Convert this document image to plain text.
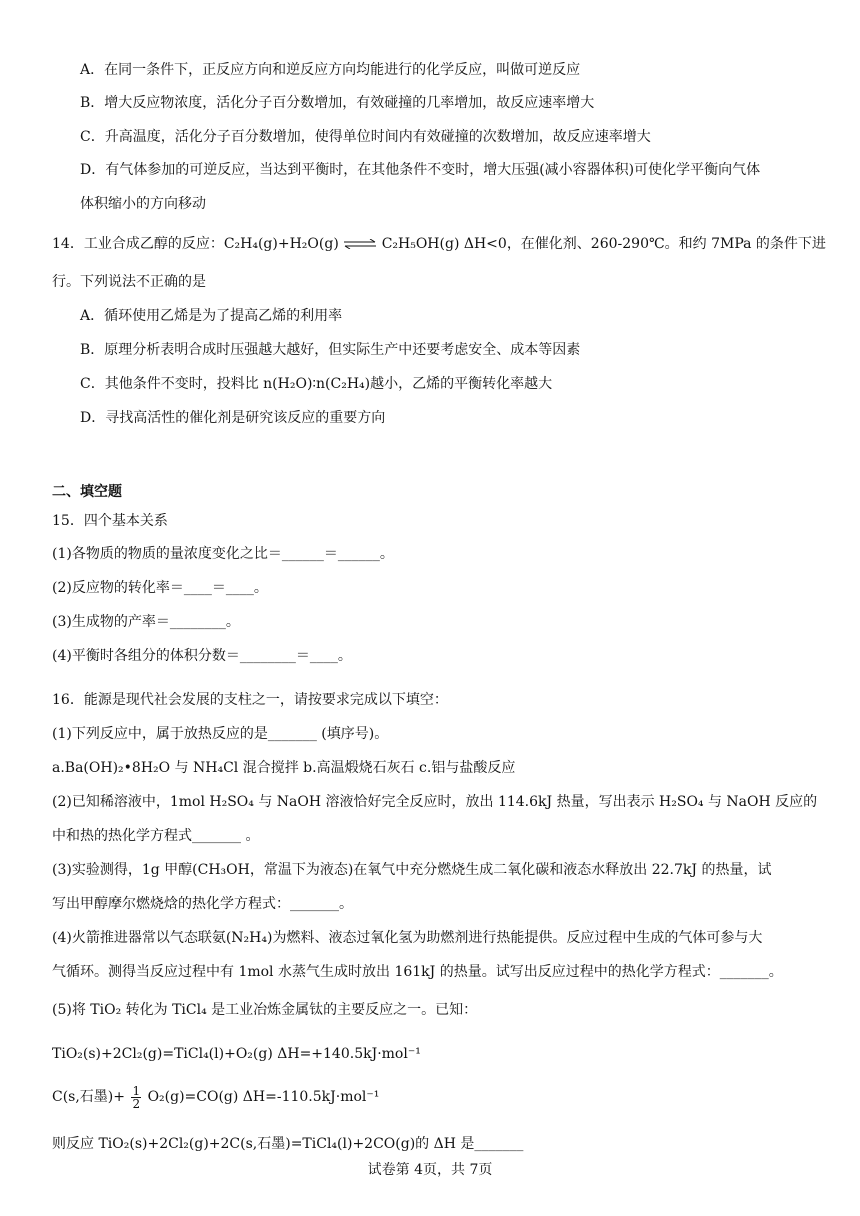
A．在同一条件下，正反应方向和逆反应方向均能进行的化学反应，叫做可逆反应
B．增大反应物浓度，活化分子百分数增加，有效碰撞的几率增加，故反应速率增大
C．升高温度，活化分子百分数增加，使得单位时间内有效碰撞的次数增加，故反应速率增大
D．有气体参加的可逆反应，当达到平衡时，在其他条件不变时，增大压强(减小容器体积)可使化学平衡向气体
体积缩小的方向移动
14．工业合成乙醇的反应：C₂H₄(g)+H₂O(g) ⇌ C₂H₅OH(g) ΔH<0，在催化剂、260-290℃。和约 7MPa 的条件下进
行。下列说法不正确的是
A．循环使用乙烯是为了提高乙烯的利用率
B．原理分析表明合成时压强越大越好，但实际生产中还要考虑安全、成本等因素
C．其他条件不变时，投料比 n(H₂O)∶n(C₂H₄)越小，乙烯的平衡转化率越大
D．寻找高活性的催化剂是研究该反应的重要方向
二、填空题
15．四个基本关系
(1)各物质的物质的量浓度变化之比＝______＝______。
(2)反应物的转化率＝____＝____。
(3)生成物的产率＝________。
(4)平衡时各组分的体积分数＝________＝____。
16．能源是现代社会发展的支柱之一，请按要求完成以下填空：
(1)下列反应中，属于放热反应的是_______ (填序号)。
a.Ba(OH)₂•8H₂O 与 NH₄Cl 混合搅拌 b.高温煅烧石灰石 c.铝与盐酸反应
(2)已知稀溶液中，1mol H₂SO₄ 与 NaOH 溶液恰好完全反应时，放出 114.6kJ 热量，写出表示 H₂SO₄ 与 NaOH 反应的
中和热的热化学方程式_______ 。
(3)实验测得，1g 甲醇(CH₃OH，常温下为液态)在氧气中充分燃烧生成二氧化碳和液态水释放出 22.7kJ 的热量，试
写出甲醇摩尔燃烧焓的热化学方程式：_______。
(4)火箭推进器常以气态联氨(N₂H₄)为燃料、液态过氧化氢为助燃剂进行热能提供。反应过程中生成的气体可参与大
气循环。测得当反应过程中有 1mol 水蒸气生成时放出 161kJ 的热量。试写出反应过程中的热化学方程式：_______。
(5)将 TiO₂ 转化为 TiCl₄ 是工业冶炼金属钛的主要反应之一。已知：
TiO₂(s)+2Cl₂(g)=TiCl₄(l)+O₂(g) ΔH=+140.5kJ·mol⁻¹
C(s,石墨)+ $\frac{1}{2} O_2(g)=CO(g)$ ΔH=-110.5kJ·mol⁻¹
则反应 TiO₂(s)+2Cl₂(g)+2C(s,石墨)=TiCl₄(l)+2CO(g)的 ΔH 是_______
试卷第 4页，共 7页
